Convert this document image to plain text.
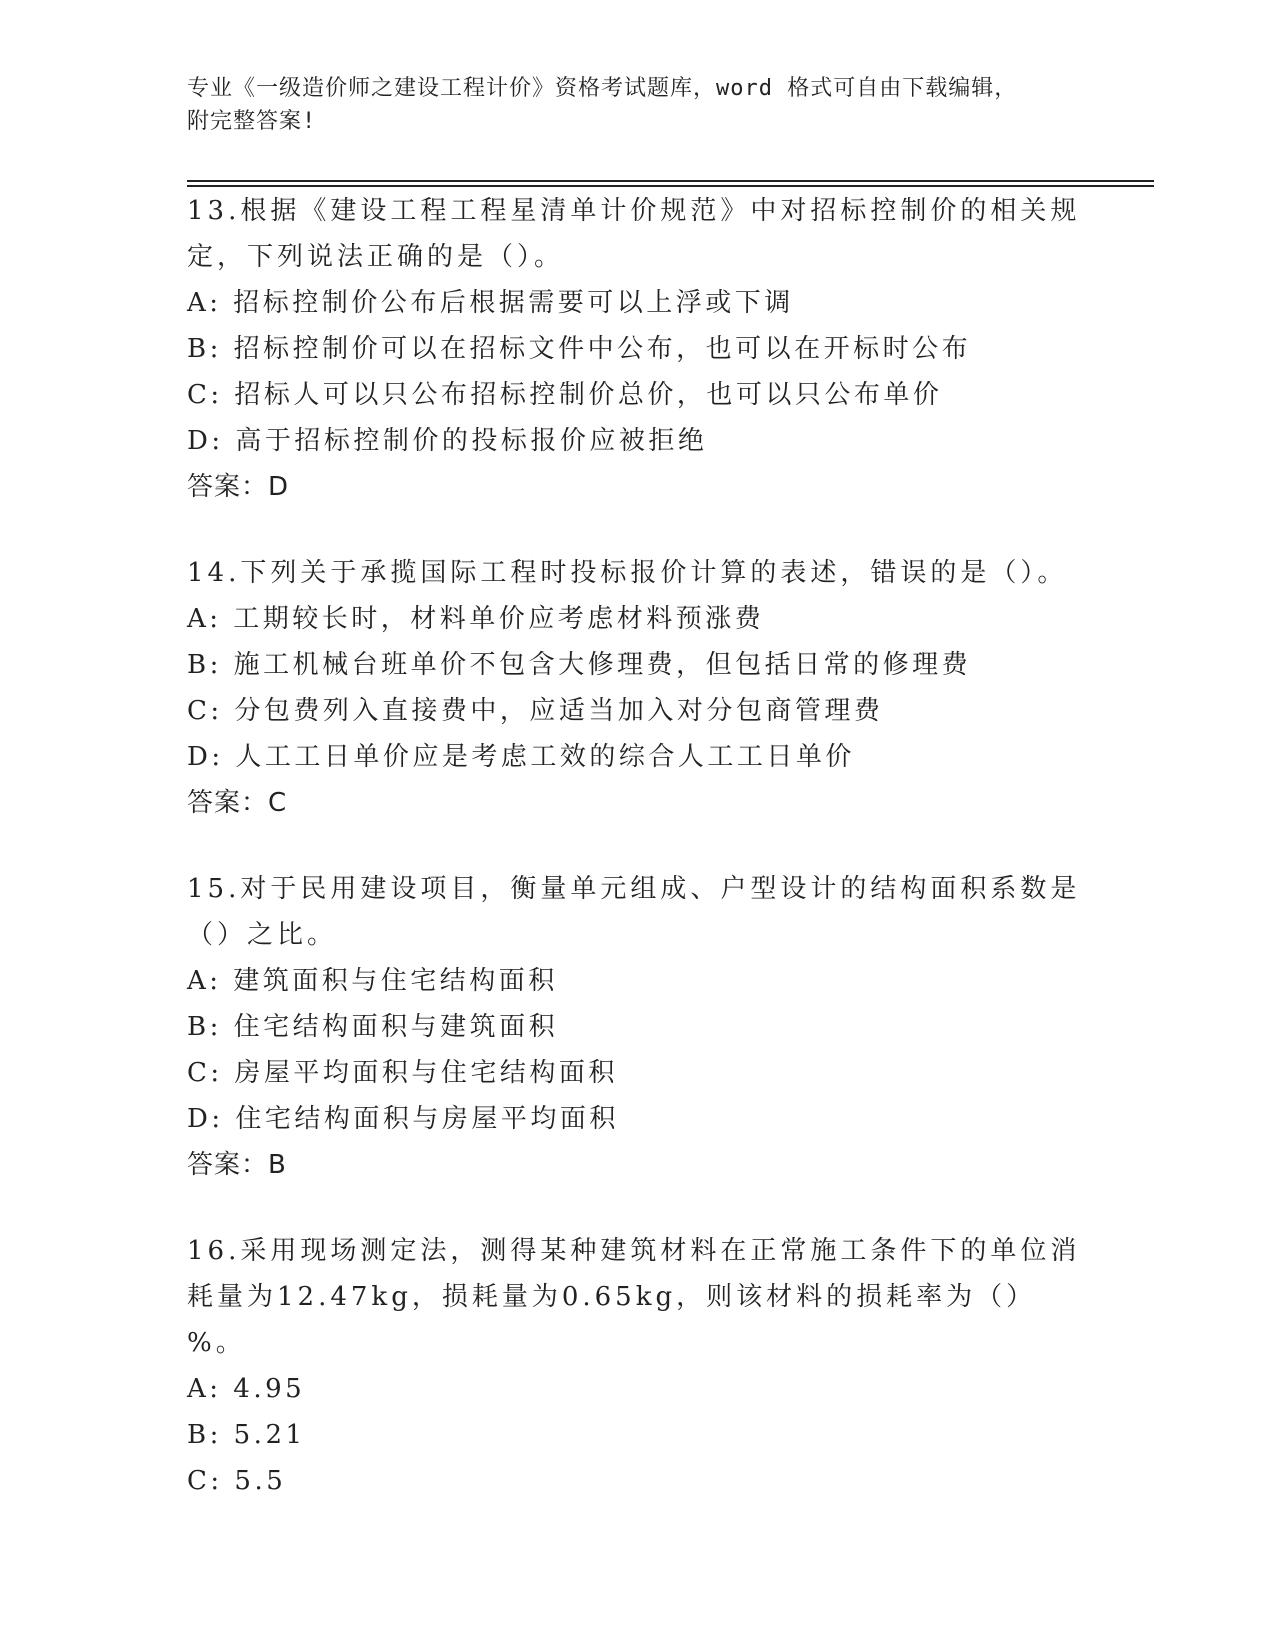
专业《一级造价师之建设工程计价》资格考试题库，word 格式可自由下载编辑，
附完整答案!
13.根据《建设工程工程星清单计价规范》中对招标控制价的相关规定，下列说法正确的是（）。
A: 招标控制价公布后根据需要可以上浮或下调
B: 招标控制价可以在招标文件中公布，也可以在开标时公布
C: 招标人可以只公布招标控制价总价，也可以只公布单价
D: 高于招标控制价的投标报价应被拒绝
答案：D
14.下列关于承揽国际工程时投标报价计算的表述，错误的是（）。
A: 工期较长时，材料单价应考虑材料预涨费
B: 施工机械台班单价不包含大修理费，但包括日常的修理费
C: 分包费列入直接费中，应适当加入对分包商管理费
D: 人工工日单价应是考虑工效的综合人工工日单价
答案：C
15.对于民用建设项目，衡量单元组成、户型设计的结构面积系数是（）之比。
A: 建筑面积与住宅结构面积
B: 住宅结构面积与建筑面积
C: 房屋平均面积与住宅结构面积
D: 住宅结构面积与房屋平均面积
答案：B
16.采用现场测定法，测得某种建筑材料在正常施工条件下的单位消耗量为12.47kg，损耗量为0.65kg，则该材料的损耗率为（）%。
A: 4.95
B: 5.21
C: 5.5
